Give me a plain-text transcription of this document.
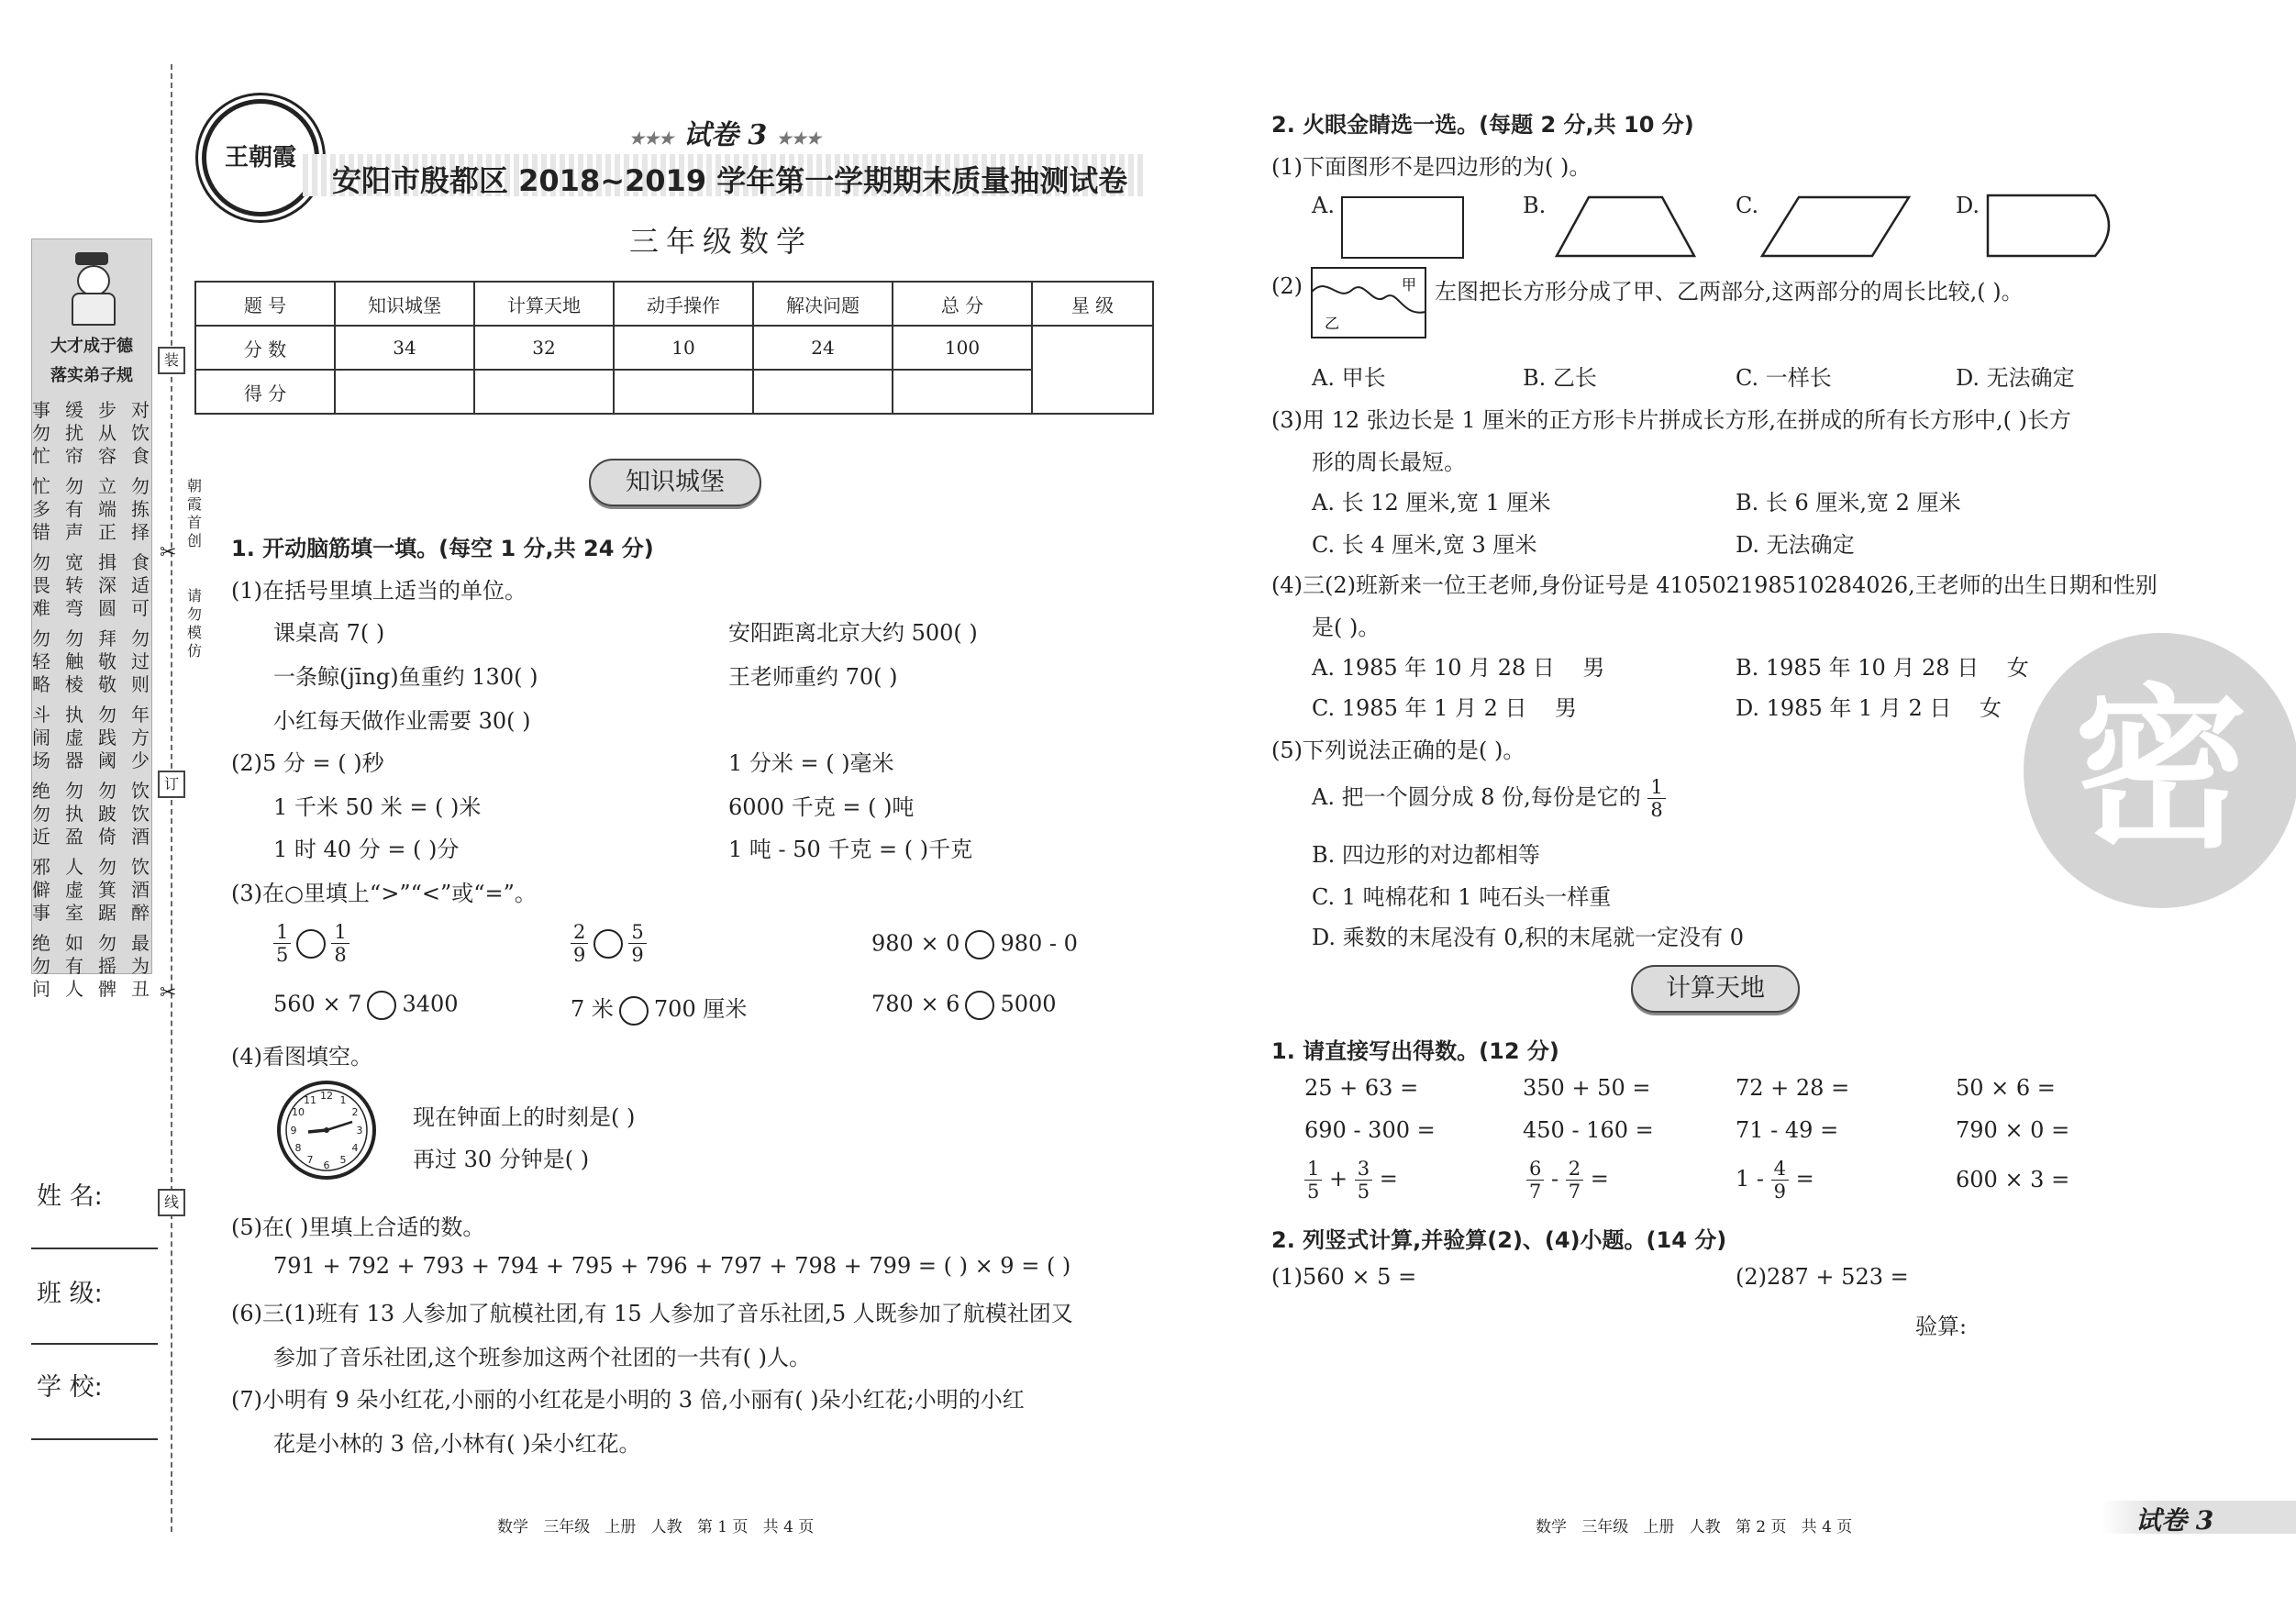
大才成于德
落实弟子规
事 缓 步 对
勿 扰 从 饮
忙 帘 容 食
忙 勿 立 勿
多 有 端 拣
错 声 正 择
勿 宽 揖 食
畏 转 深 适
难 弯 圆 可
勿 勿 拜 勿
轻 触 敬 过
略 棱 敬 则
斗 执 勿 年
闹 虚 践 方
场 器 阈 少
绝 勿 勿 饮
勿 执 跛 饮
近 盈 倚 酒
邪 人 勿 饮
僻 虚 箕 酒
事 室 踞 醉
绝 如 勿 最
勿 有 摇 为
问 人 髀 丑
装
订
线
✂
✂
朝霞首创
请勿模仿
姓 名:
班 级:
学 校:
王朝霞
★★★ 试卷 3 ★★★
安阳市殷都区 2018~2019 学年第一学期期末质量抽测试卷
三年级数学
题 号	知识城堡	计算天地	动手操作	解决问题	总 分	星 级
分 数	34	32	10	24	100	
得 分						
知识城堡
1. 开动脑筋填一填。(每空 1 分,共 24 分)
(1)在括号里填上适当的单位。
课桌高 7( )	安阳距离北京大约 500( )
一条鲸(jīng)鱼重约 130( )	王老师重约 70( )
小红每天做作业需要 30( )
(2)5 分 = ( )秒	1 分米 = ( )毫米
1 千米 50 米 = ( )米	6000 千克 = ( )吨
1 时 40 分 = ( )分	1 吨 - 50 千克 = ( )千克
(3)在○里填上“>”“<”或“=”。
$\frac{1}{5} \frac{1}{8}$	$\frac{2}{9} \frac{5}{9}$	980 × 0 980 - 0
560 × 7 3400	7 米 700 厘米	780 × 6 5000
(4)看图填空。
12 1
2
3
4
5
6
7
8
9
10
11
现在钟面上的时刻是( )
再过 30 分钟是( )
(5)在( )里填上合适的数。
791 + 792 + 793 + 794 + 795 + 796 + 797 + 798 + 799 = ( ) × 9 = ( )
(6)三(1)班有 13 人参加了航模社团,有 15 人参加了音乐社团,5 人既参加了航模社团又
参加了音乐社团,这个班参加这两个社团的一共有( )人。
(7)小明有 9 朵小红花,小丽的小红花是小明的 3 倍,小丽有( )朵小红花;小明的小红
花是小林的 3 倍,小林有( )朵小红花。
数学   三年级   上册   人教   第 1 页   共 4 页
密
2. 火眼金睛选一选。(每题 2 分,共 10 分)
(1)下面图形不是四边形的为( )。
A.	B.	C.	D.
(2)	甲
乙
左图把长方形分成了甲、乙两部分,这两部分的周长比较,( )。
A. 甲长	B. 乙长	C. 一样长	D. 无法确定
(3)用 12 张边长是 1 厘米的正方形卡片拼成长方形,在拼成的所有长方形中,( )长方
形的周长最短。
A. 长 12 厘米,宽 1 厘米	B. 长 6 厘米,宽 2 厘米
C. 长 4 厘米,宽 3 厘米	D. 无法确定
(4)三(2)班新来一位王老师,身份证号是 410502198510284026,王老师的出生日期和性别
是( )。
A. 1985 年 10 月 28 日    男	B. 1985 年 10 月 28 日    女
C. 1985 年 1 月 2 日    男	D. 1985 年 1 月 2 日    女
(5)下列说法正确的是( )。
A. 把一个圆分成 8 份,每份是它的 $\frac{1}{8}$
B. 四边形的对边都相等
C. 1 吨棉花和 1 吨石头一样重
D. 乘数的末尾没有 0,积的末尾就一定没有 0
计算天地
1. 请直接写出得数。(12 分)
25 + 63 =	350 + 50 =	72 + 28 =	50 × 6 =
690 - 300 =	450 - 160 =	71 - 49 =	790 × 0 =
$\frac{1}{5} + \frac{3}{5}$ =	$\frac{6}{7} - \frac{2}{7}$ =	$1 - \frac{4}{9}$ =	600 × 3 =
2. 列竖式计算,并验算(2)、(4)小题。(14 分)
(1)560 × 5 =	(2)287 + 523 =
验算:
数学   三年级   上册   人教   第 2 页   共 4 页	试卷 3
